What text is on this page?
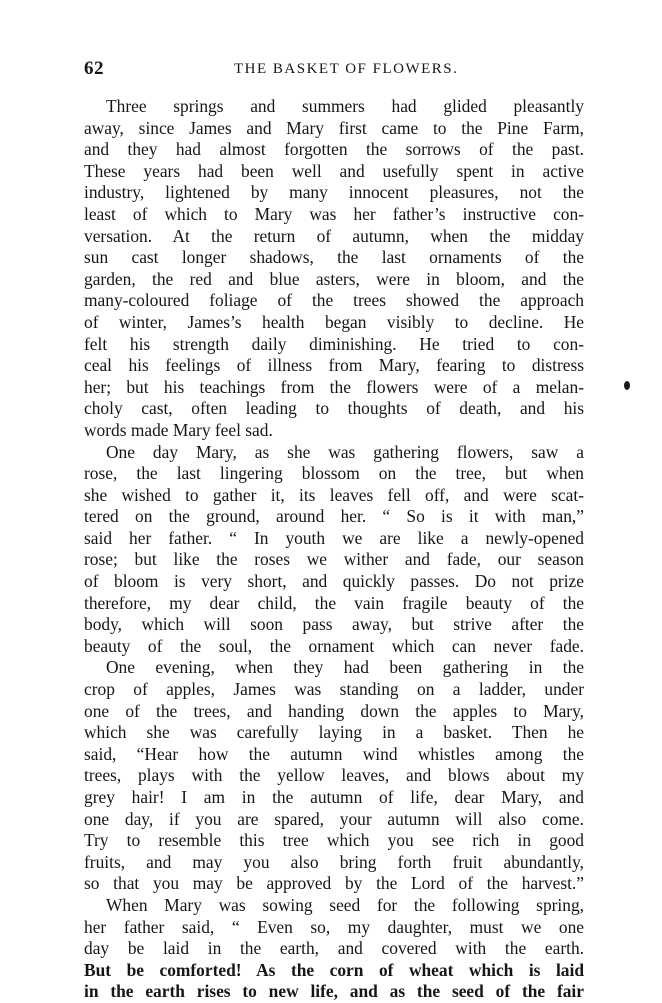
62	THE BASKET OF FLOWERS.
Three springs and summers had glided pleasantly
away, since James and Mary first came to the Pine Farm,
and they had almost forgotten the sorrows of the past.
These years had been well and usefully spent in active
industry, lightened by many innocent pleasures, not the
least of which to Mary was her father’s instructive con-
versation. At the return of autumn, when the midday
sun cast longer shadows, the last ornaments of the
garden, the red and blue asters, were in bloom, and the
many-coloured foliage of the trees showed the approach
of winter, James’s health began visibly to decline. He
felt his strength daily diminishing. He tried to con-
ceal his feelings of illness from Mary, fearing to distress
her; but his teachings from the flowers were of a melan-
choly cast, often leading to thoughts of death, and his
words made Mary feel sad.
One day Mary, as she was gathering flowers, saw a
rose, the last lingering blossom on the tree, but when
she wished to gather it, its leaves fell off, and were scat-
tered on the ground, around her. “ So is it with man,”
said her father. “ In youth we are like a newly-opened
rose; but like the roses we wither and fade, our season
of bloom is very short, and quickly passes. Do not prize
therefore, my dear child, the vain fragile beauty of the
body, which will soon pass away, but strive after the
beauty of the soul, the ornament which can never fade.
One evening, when they had been gathering in the
crop of apples, James was standing on a ladder, under
one of the trees, and handing down the apples to Mary,
which she was carefully laying in a basket. Then he
said, “Hear how the autumn wind whistles among the
trees, plays with the yellow leaves, and blows about my
grey hair! I am in the autumn of life, dear Mary, and
one day, if you are spared, your autumn will also come.
Try to resemble this tree which you see rich in good
fruits, and may you also bring forth fruit abundantly,
so that you may be approved by the Lord of the harvest.”
When Mary was sowing seed for the following spring,
her father said, “ Even so, my daughter, must we one
day be laid in the earth, and covered with the earth.
But be comforted! As the corn of wheat which is laid
in the earth rises to new life, and as the seed of the fair
